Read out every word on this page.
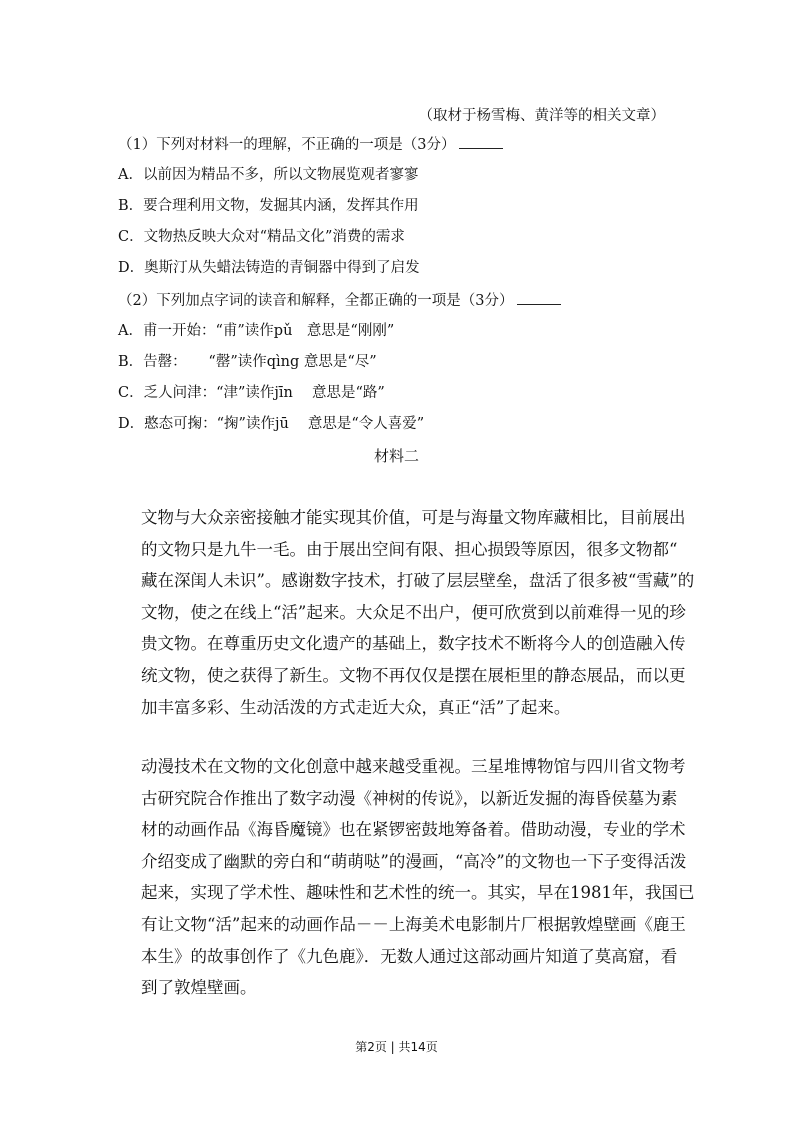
（取材于杨雪梅、黄洋等的相关文章）
（1）下列对材料一的理解，不正确的一项是（3分）
A．以前因为精品不多，所以文物展览观者寥寥
B．要合理利用文物，发掘其内涵，发挥其作用
C．文物热反映大众对“精品文化”消费的需求
D．奥斯汀从失蜡法铸造的青铜器中得到了启发
（2）下列加点字词的读音和解释，全都正确的一项是（3分）
A．甫一开始：“甫”读作pǔ　意思是“刚刚”
B．告罄：　　“罄”读作qìng 意思是“尽”
C．乏人问津：“津”读作jīn　 意思是“路”
D．憨态可掬：“掬”读作jū　 意思是“令人喜爱”
材料二
文物与大众亲密接触才能实现其价值，可是与海量文物库藏相比，目前展出
的文物只是九牛一毛。由于展出空间有限、担心损毁等原因，很多文物都“
藏在深闺人未识”。感谢数字技术，打破了层层壁垒，盘活了很多被“雪藏”的
文物，使之在线上“活”起来。大众足不出户，便可欣赏到以前难得一见的珍
贵文物。在尊重历史文化遗产的基础上，数字技术不断将今人的创造融入传
统文物，使之获得了新生。文物不再仅仅是摆在展柜里的静态展品，而以更
加丰富多彩、生动活泼的方式走近大众，真正“活”了起来。
动漫技术在文物的文化创意中越来越受重视。三星堆博物馆与四川省文物考
古研究院合作推出了数字动漫《神树的传说》，以新近发掘的海昏侯墓为素
材的动画作品《海昏魔镜》也在紧锣密鼓地筹备着。借助动漫，专业的学术
介绍变成了幽默的旁白和“萌萌哒”的漫画，“高冷”的文物也一下子变得活泼
起来，实现了学术性、趣味性和艺术性的统一。其实，早在1981年，我国已
有让文物“活”起来的动画作品－－上海美术电影制片厂根据敦煌壁画《鹿王
本生》的故事创作了《九色鹿》．无数人通过这部动画片知道了莫高窟，看
到了敦煌壁画。
第2页 | 共14页
